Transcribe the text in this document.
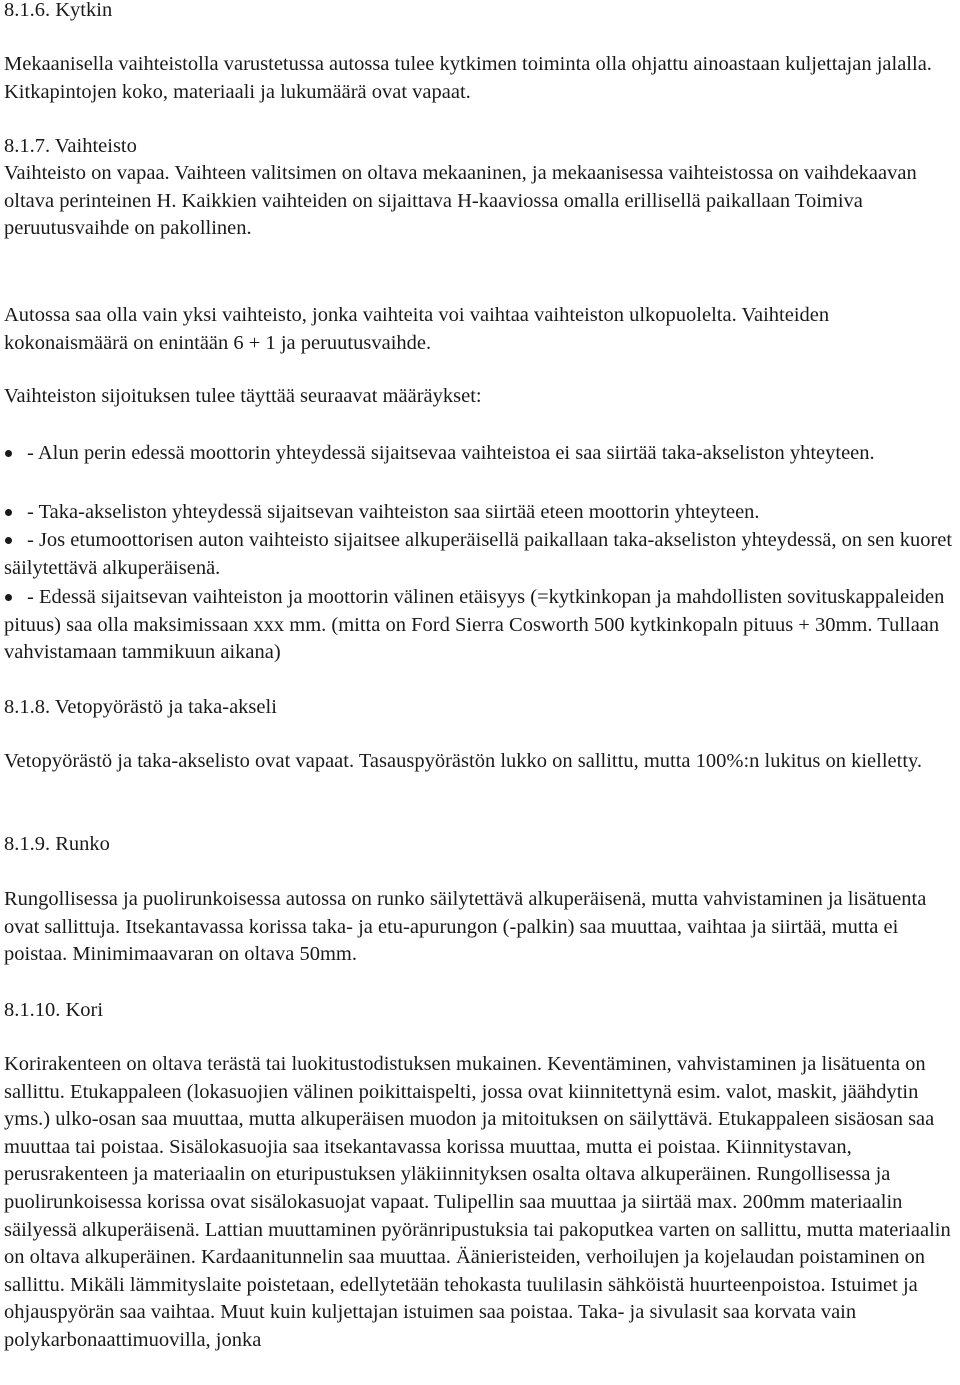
8.1.6. Kytkin
Mekaanisella vaihteistolla varustetussa autossa tulee kytkimen toiminta olla ohjattu ainoastaan kuljettajan jalalla. Kitkapintojen koko, materiaali ja lukumäärä ovat vapaat.
8.1.7. Vaihteisto
Vaihteisto on vapaa. Vaihteen valitsimen on oltava mekaaninen, ja mekaanisessa vaihteistossa on vaihdekaavan oltava perinteinen H. Kaikkien vaihteiden on sijaittava H-kaaviossa omalla erillisellä paikallaan Toimiva peruutusvaihde on pakollinen.
Autossa saa olla vain yksi vaihteisto, jonka vaihteita voi vaihtaa vaihteiston ulkopuolelta. Vaihteiden kokonaismäärä on enintään 6 + 1 ja peruutusvaihde.
Vaihteiston sijoituksen tulee täyttää seuraavat määräykset:
- Alun perin edessä moottorin yhteydessä sijaitsevaa vaihteistoa ei saa siirtää taka-akseliston yhteyteen.
- Taka-akseliston yhteydessä sijaitsevan vaihteiston saa siirtää eteen moottorin yhteyteen.
- Jos etumoottorisen auton vaihteisto sijaitsee alkuperäisellä paikallaan taka-akseliston yhteydessä, on sen kuoret säilytettävä alkuperäisenä.
- Edessä sijaitsevan vaihteiston ja moottorin välinen etäisyys (=kytkinkopan ja mahdollisten sovituskappaleiden pituus) saa olla maksimissaan xxx mm. (mitta on Ford Sierra Cosworth 500 kytkinkopaln pituus + 30mm. Tullaan vahvistamaan tammikuun aikana)
8.1.8. Vetopyörästö ja taka-akseli
Vetopyörästö ja taka-akselisto ovat vapaat. Tasauspyörästön lukko on sallittu, mutta 100%:n lukitus on kielletty.
8.1.9. Runko
Rungollisessa ja puolirunkoisessa autossa on runko säilytettävä alkuperäisenä, mutta vahvistaminen ja lisätuenta ovat sallittuja. Itsekantavassa korissa taka- ja etu-apurungon (-palkin) saa muuttaa, vaihtaa ja siirtää, mutta ei poistaa. Minimimaavaran on oltava 50mm.
8.1.10. Kori
Korirakenteen on oltava terästä tai luokitustodistuksen mukainen. Keventäminen, vahvistaminen ja lisätuenta on sallittu. Etukappaleen (lokasuojien välinen poikittaispelti, jossa ovat kiinnitettynä esim. valot, maskit, jäähdytin yms.) ulko-osan saa muuttaa, mutta alkuperäisen muodon ja mitoituksen on säilyttävä. Etukappaleen sisäosan saa muuttaa tai poistaa. Sisälokasuojia saa itsekantavassa korissa muuttaa, mutta ei poistaa. Kiinnitystavan, perusrakenteen ja materiaalin on eturipustuksen yläkiinnityksen osalta oltava alkuperäinen. Rungollisessa ja puolirunkoisessa korissa ovat sisälokasuojat vapaat. Tulipellin saa muuttaa ja siirtää max. 200mm materiaalin säilyessä alkuperäisenä. Lattian muuttaminen pyöränripustuksia tai pakoputkea varten on sallittu, mutta materiaalin on oltava alkuperäinen. Kardaanitunnelin saa muuttaa. Äänieristeiden, verhoilujen ja kojelaudan poistaminen on sallittu. Mikäli lämmityslaite poistetaan, edellytetään tehokasta tuulilasin sähköistä huurteenpoistoa. Istuimet ja ohjauspyörän saa vaihtaa. Muut kuin kuljettajan istuimen saa poistaa. Taka- ja sivulasit saa korvata vain polykarbonaattimuovilla, jonka
